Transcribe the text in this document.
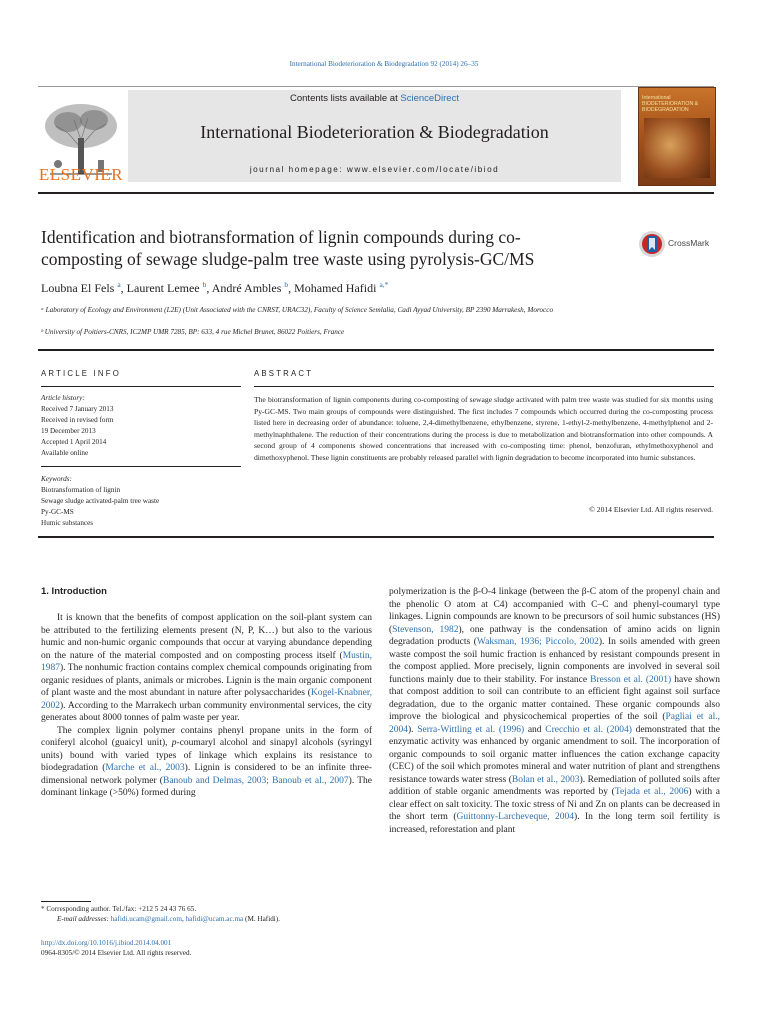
International Biodeterioration & Biodegradation 92 (2014) 26–35
ELSEVIER
Contents lists available at ScienceDirect
International Biodeterioration & Biodegradation
journal homepage: www.elsevier.com/locate/ibiod
International BIODETERIORATION & BIODEGRADATION
Identification and biotransformation of lignin compounds during co-
composting of sewage sludge-palm tree waste using pyrolysis-GC/MS
CrossMark
Loubna El Fels $^a$, Laurent Lemee $^b$, André Ambles $^b$, Mohamed Hafidi $^{a,*}$
ᵃ Laboratory of Ecology and Environment (L2E) (Unit Associated with the CNRST, URAC32), Faculty of Science Semlalia, Cadi Ayyad University, BP 2390 Marrakesh, Morocco
ᵇ University of Poitiers-CNRS, IC2MP UMR 7285, BP: 633, 4 rue Michel Brunet, 86022 Poitiers, France
ARTICLE INFO	ABSTRACT
Article history:
Received 7 January 2013
Received in revised form
19 December 2013
Accepted 1 April 2014
Available online
Keywords:
Biotransformation of lignin
Sewage sludge activated-palm tree waste
Py-GC-MS
Humic substances
The biotransformation of lignin components during co-composting of sewage sludge activated with palm tree waste was studied for six months using Py-GC-MS. Two main groups of compounds were distinguished. The first includes 7 compounds which occurred during the co-composting process listed here in decreasing order of abundance: toluene, 2,4-dimethylbenzene, ethylbenzene, styrene, 1-ethyl-2-methylbenzene, 4-methylphenol and 2-methylnaphthalene. The reduction of their concentrations during the process is due to metabolization and biotransformation into other compounds. A second group of 4 components showed concentrations that increased with co-composting time: phenol, benzofuran, ethylmethoxyphenol and dimethoxyphenol. These lignin constituents are probably released parallel with lignin degradation to become incorporated into humic substances.
© 2014 Elsevier Ltd. All rights reserved.
1. Introduction

It is known that the benefits of compost application on the soil-plant system can be attributed to the fertilizing elements present (N, P, K…) but also to the various humic and non-humic organic compounds that occur at varying abundance depending on the nature of the material composted and on composting process itself (Mustin, 1987). The nonhumic fraction contains complex chemical compounds originating from organic residues of plants, animals or microbes. Lignin is the main organic component of plant waste and the most abundant in nature after polysaccharides (Kogel-Knabner, 2002). According to the Marrakech urban community environmental services, the city generates about 8000 tonnes of palm waste per year.

The complex lignin polymer contains phenyl propane units in the form of coniferyl alcohol (guaicyl unit), p-coumaryl alcohol and sinapyl alcohols (syringyl units) bound with varied types of linkage which explains its resistance to biodegradation (Marche et al., 2003). Lignin is considered to be an infinite three-dimensional network polymer (Banoub and Delmas, 2003; Banoub et al., 2007). The dominant linkage (>50%) formed during

polymerization is the β-O-4 linkage (between the β-C atom of the propenyl chain and the phenolic O atom at C4) accompanied with C–C and phenyl-coumaryl type linkages. Lignin compounds are known to be precursors of soil humic substances (HS) (Stevenson, 1982), one pathway is the condensation of amino acids on lignin degradation products (Waksman, 1936; Piccolo, 2002). In soils amended with green waste compost the soil humic fraction is enhanced by resistant compounds present in the compost applied. More precisely, lignin components are involved in several soil functions mainly due to their stability. For instance Bresson et al. (2001) have shown that compost addition to soil can contribute to an efficient fight against soil surface degradation, due to the organic matter contained. These organic compounds also improve the biological and physicochemical properties of the soil (Pagliai et al., 2004). Serra-Wittling et al. (1996) and Crecchio et al. (2004) demonstrated that the enzymatic activity was enhanced by organic amendment to soil. The incorporation of organic compounds to soil organic matter influences the cation exchange capacity (CEC) of the soil which promotes mineral and water nutrition of plant and strengthens resistance towards water stress (Bolan et al., 2003). Remediation of polluted soils after addition of stable organic amendments was reported by (Tejada et al., 2006) with a clear effect on salt toxicity. The toxic stress of Ni and Zn on plants can be decreased in the short term (Guittonny-Larcheveque, 2004). In the long term soil fertility is increased, reforestation and plant

* Corresponding author. Tel./fax: +212 5 24 43 76 65.
E-mail addresses: hafidi.ucam@gmail.com, hafidi@ucam.ac.ma (M. Hafidi).
http://dx.doi.org/10.1016/j.ibiod.2014.04.001
0964-8305/© 2014 Elsevier Ltd. All rights reserved.
